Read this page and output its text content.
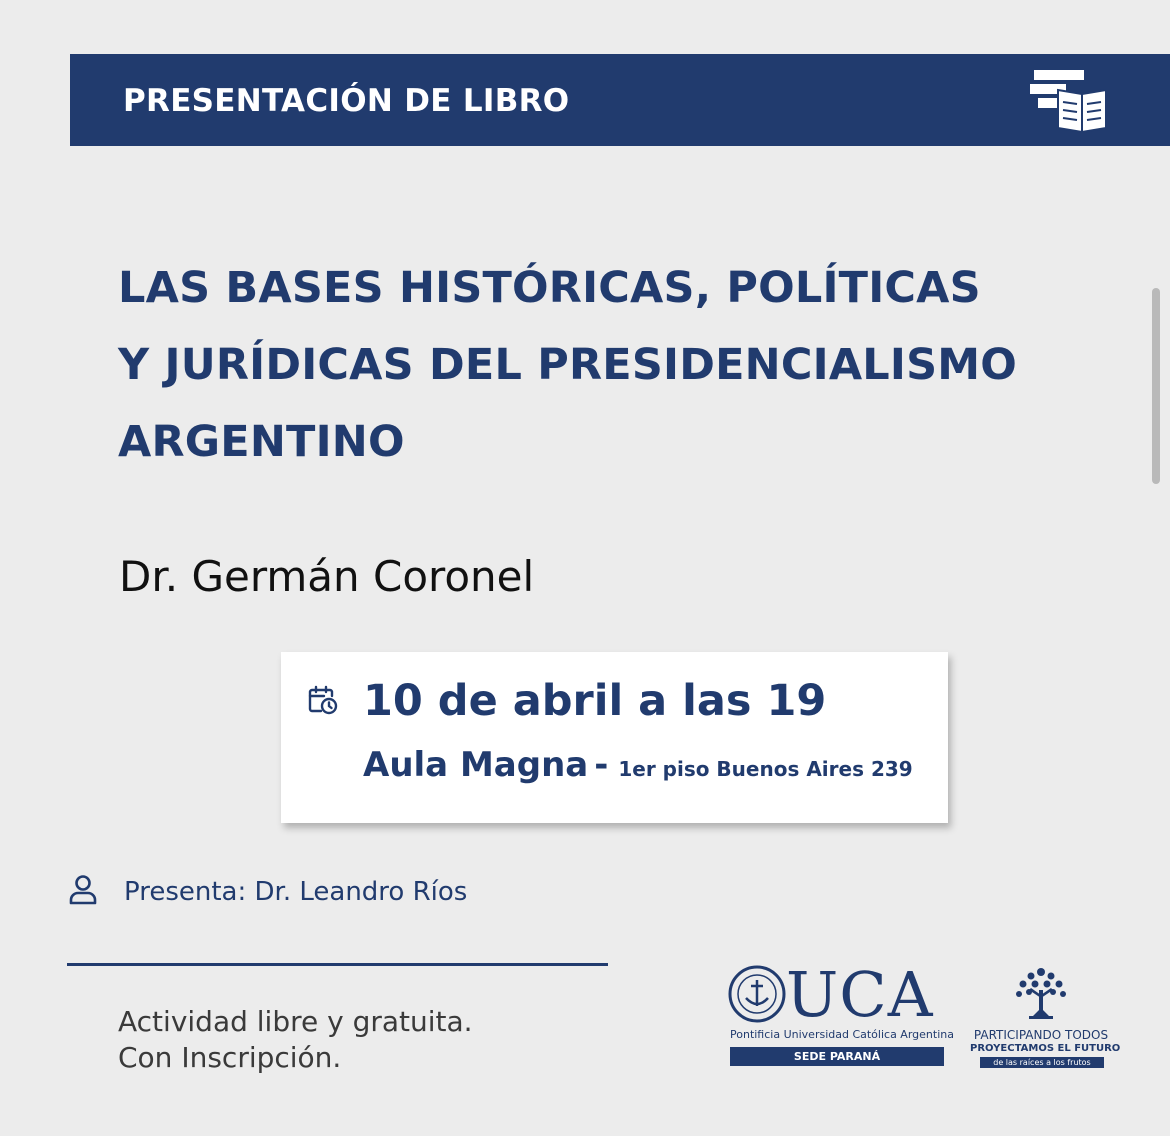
PRESENTACIÓN DE LIBRO
LAS BASES HISTÓRICAS, POLÍTICAS
Y JURÍDICAS DEL PRESIDENCIALISMO
ARGENTINO
Dr. Germán Coronel
10 de abril a las 19
Aula Magna - 1er piso Buenos Aires 239
Presenta: Dr. Leandro Ríos
Actividad libre y gratuita.
Con Inscripción.
UCA
Pontificia Universidad Católica Argentina
SEDE PARANÁ
PARTICIPANDO TODOS
PROYECTAMOS EL FUTURO
de las raíces a los frutos
